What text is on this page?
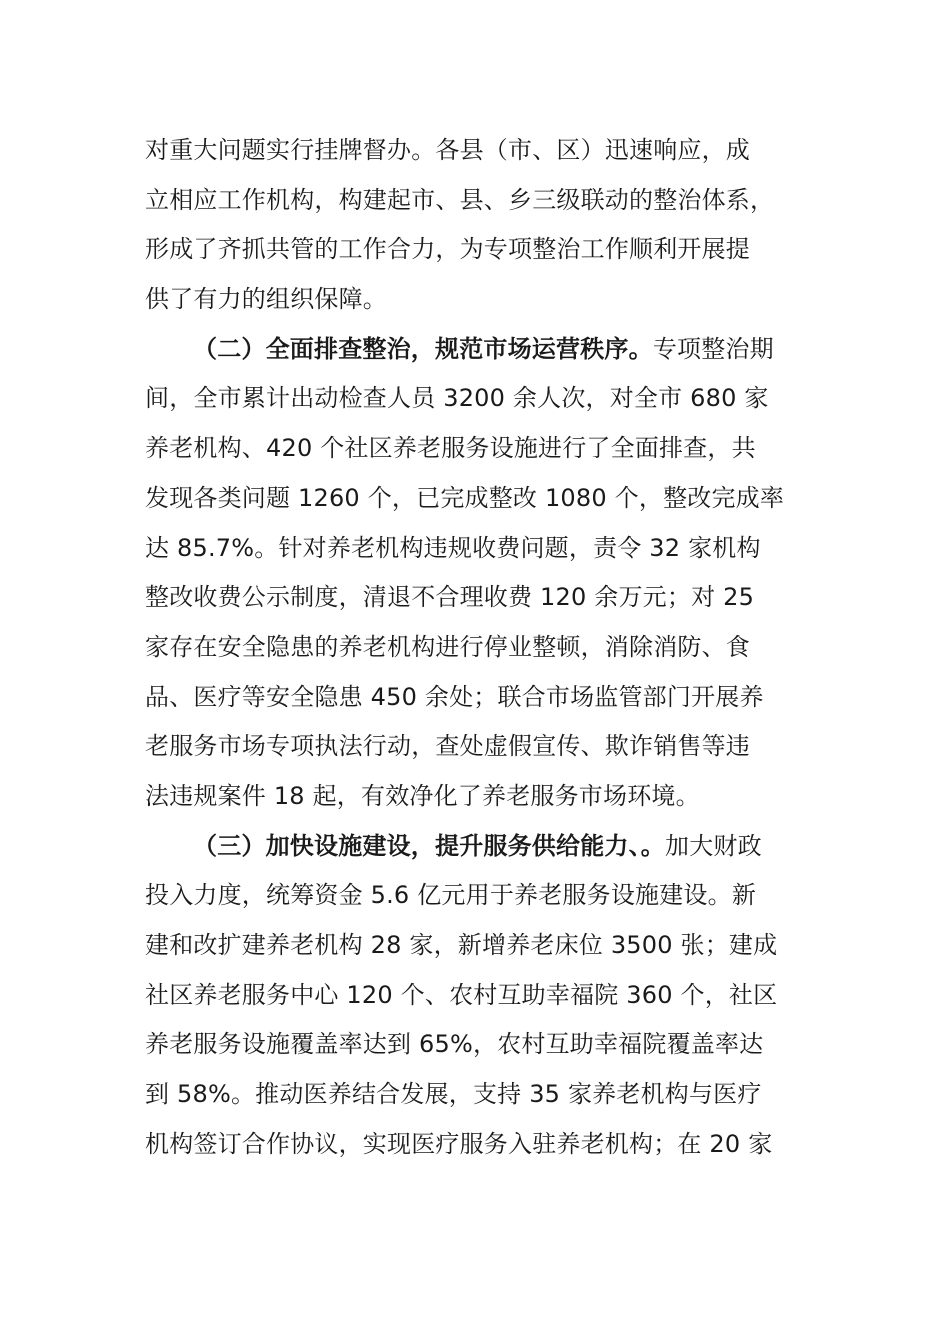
对重大问题实行挂牌督办。各县（市、区）迅速响应，成
立相应工作机构，构建起市、县、乡三级联动的整治体系，
形成了齐抓共管的工作合力，为专项整治工作顺利开展提
供了有力的组织保障。
（二）全面排查整治，规范市场运营秩序。专项整治期
间，全市累计出动检查人员 3200 余人次，对全市 680 家
养老机构、420 个社区养老服务设施进行了全面排查，共
发现各类问题 1260 个，已完成整改 1080 个，整改完成率
达 85.7%。针对养老机构违规收费问题，责令 32 家机构
整改收费公示制度，清退不合理收费 120 余万元；对 25
家存在安全隐患的养老机构进行停业整顿，消除消防、食
品、医疗等安全隐患 450 余处；联合市场监管部门开展养
老服务市场专项执法行动，查处虚假宣传、欺诈销售等违
法违规案件 18 起，有效净化了养老服务市场环境。
（三）加快设施建设，提升服务供给能力、。加大财政
投入力度，统筹资金 5.6 亿元用于养老服务设施建设。新
建和改扩建养老机构 28 家，新增养老床位 3500 张；建成
社区养老服务中心 120 个、农村互助幸福院 360 个，社区
养老服务设施覆盖率达到 65%，农村互助幸福院覆盖率达
到 58%。推动医养结合发展，支持 35 家养老机构与医疗
机构签订合作协议，实现医疗服务入驻养老机构；在 20 家
